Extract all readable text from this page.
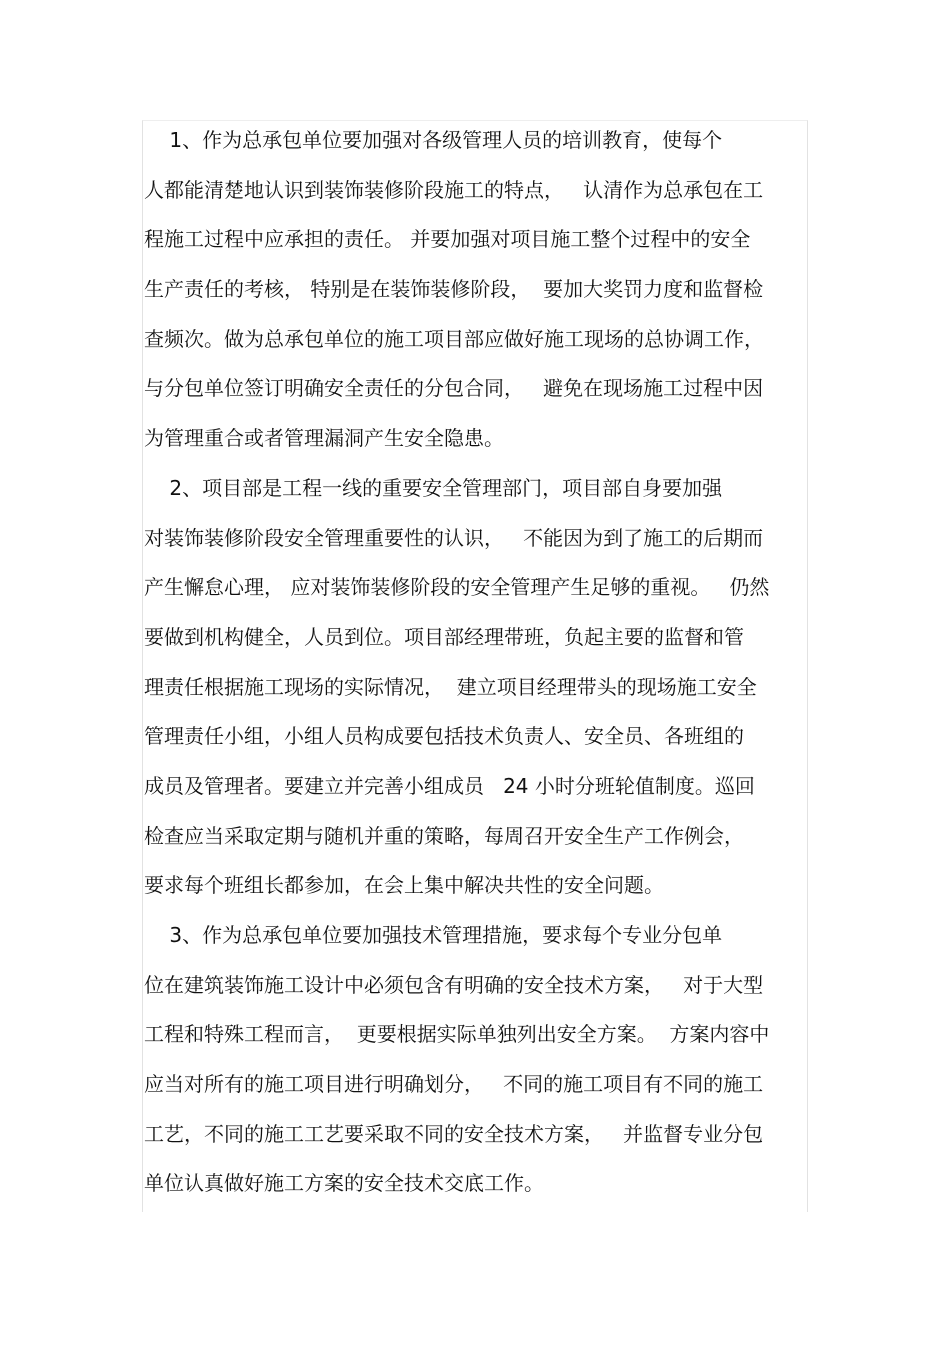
1、作为总承包单位要加强对各级管理人员的培训教育，使每个
人都能清楚地认识到装饰装修阶段施工的特点，   认清作为总承包在工
程施工过程中应承担的责任。 并要加强对项目施工整个过程中的安全
生产责任的考核， 特别是在装饰装修阶段，  要加大奖罚力度和监督检
查频次。做为总承包单位的施工项目部应做好施工现场的总协调工作，
与分包单位签订明确安全责任的分包合同，   避免在现场施工过程中因
为管理重合或者管理漏洞产生安全隐患。
2、项目部是工程一线的重要安全管理部门，项目部自身要加强
对装饰装修阶段安全管理重要性的认识，   不能因为到了施工的后期而
产生懈怠心理， 应对装饰装修阶段的安全管理产生足够的重视。   仍然
要做到机构健全，人员到位。项目部经理带班，负起主要的监督和管
理责任根据施工现场的实际情况，  建立项目经理带头的现场施工安全
管理责任小组，小组人员构成要包括技术负责人、安全员、各班组的
成员及管理者。要建立并完善小组成员   24 小时分班轮值制度。巡回
检查应当采取定期与随机并重的策略，每周召开安全生产工作例会，
要求每个班组长都参加，在会上集中解决共性的安全问题。
3、作为总承包单位要加强技术管理措施，要求每个专业分包单
位在建筑装饰施工设计中必须包含有明确的安全技术方案，   对于大型
工程和特殊工程而言，  更要根据实际单独列出安全方案。  方案内容中
应当对所有的施工项目进行明确划分，   不同的施工项目有不同的施工
工艺，不同的施工工艺要采取不同的安全技术方案，   并监督专业分包
单位认真做好施工方案的安全技术交底工作。
